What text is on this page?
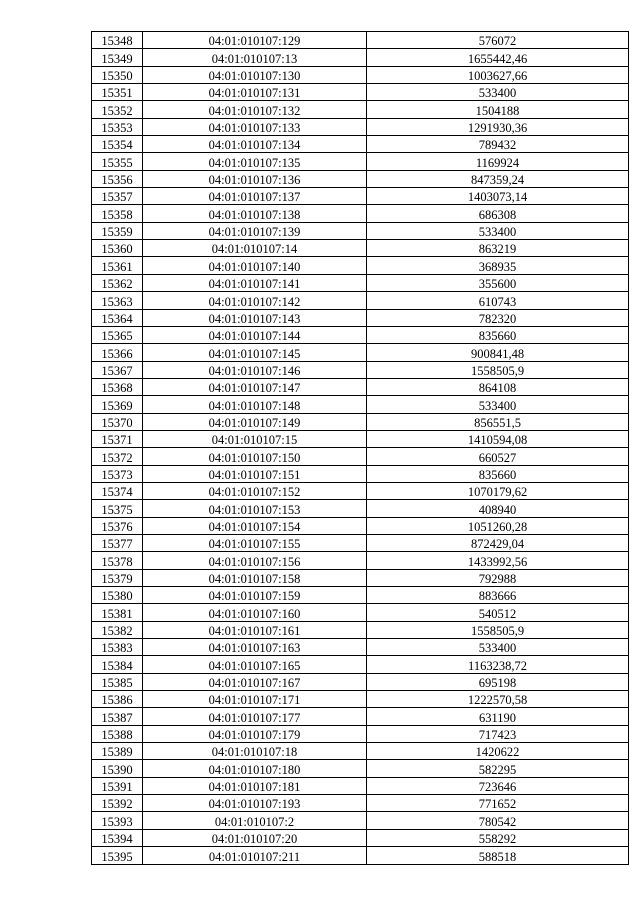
15348	04:01:010107:129	576072
15349	04:01:010107:13	1655442,46
15350	04:01:010107:130	1003627,66
15351	04:01:010107:131	533400
15352	04:01:010107:132	1504188
15353	04:01:010107:133	1291930,36
15354	04:01:010107:134	789432
15355	04:01:010107:135	1169924
15356	04:01:010107:136	847359,24
15357	04:01:010107:137	1403073,14
15358	04:01:010107:138	686308
15359	04:01:010107:139	533400
15360	04:01:010107:14	863219
15361	04:01:010107:140	368935
15362	04:01:010107:141	355600
15363	04:01:010107:142	610743
15364	04:01:010107:143	782320
15365	04:01:010107:144	835660
15366	04:01:010107:145	900841,48
15367	04:01:010107:146	1558505,9
15368	04:01:010107:147	864108
15369	04:01:010107:148	533400
15370	04:01:010107:149	856551,5
15371	04:01:010107:15	1410594,08
15372	04:01:010107:150	660527
15373	04:01:010107:151	835660
15374	04:01:010107:152	1070179,62
15375	04:01:010107:153	408940
15376	04:01:010107:154	1051260,28
15377	04:01:010107:155	872429,04
15378	04:01:010107:156	1433992,56
15379	04:01:010107:158	792988
15380	04:01:010107:159	883666
15381	04:01:010107:160	540512
15382	04:01:010107:161	1558505,9
15383	04:01:010107:163	533400
15384	04:01:010107:165	1163238,72
15385	04:01:010107:167	695198
15386	04:01:010107:171	1222570,58
15387	04:01:010107:177	631190
15388	04:01:010107:179	717423
15389	04:01:010107:18	1420622
15390	04:01:010107:180	582295
15391	04:01:010107:181	723646
15392	04:01:010107:193	771652
15393	04:01:010107:2	780542
15394	04:01:010107:20	558292
15395	04:01:010107:211	588518
